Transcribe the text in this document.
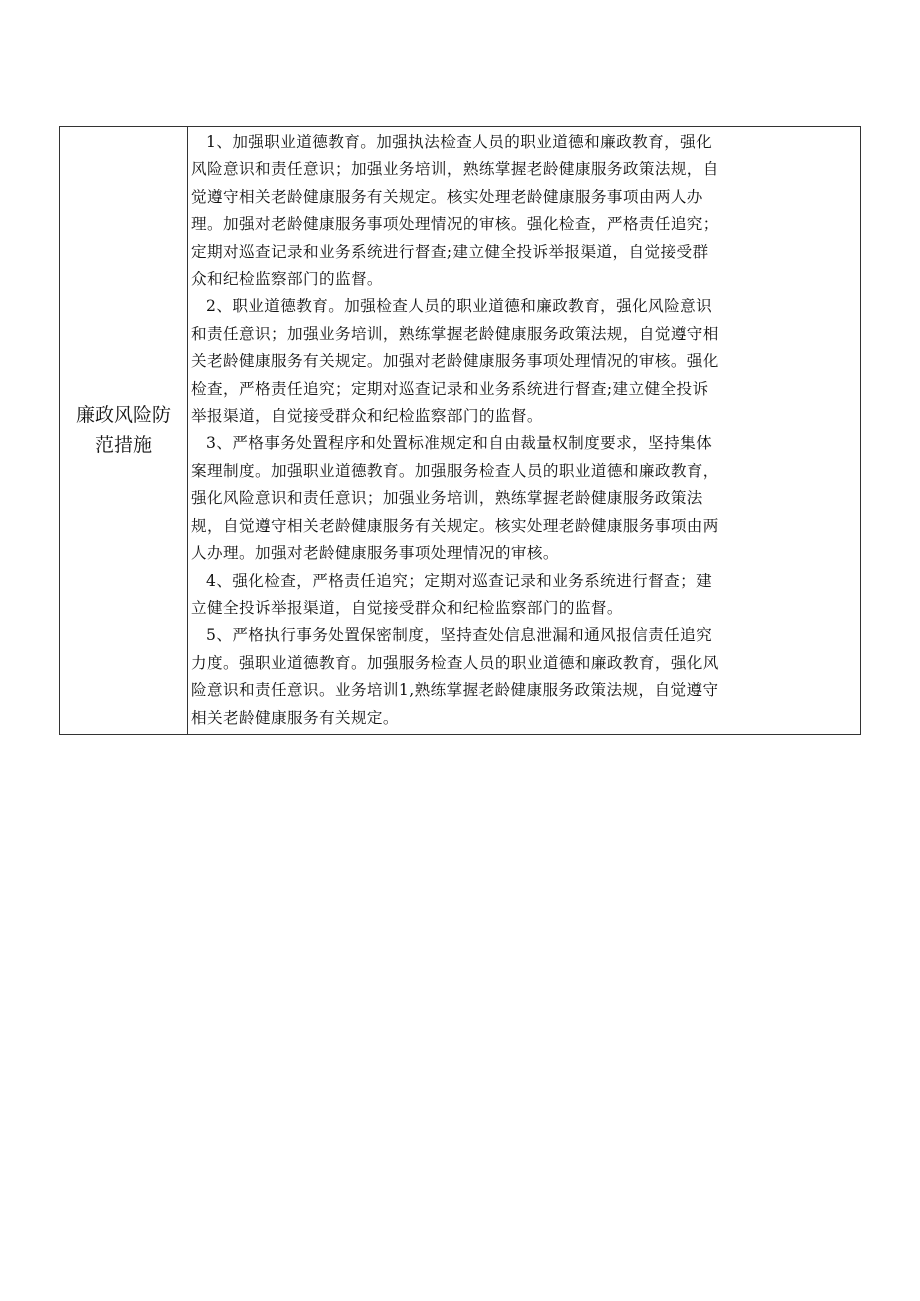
廉政风险防
范措施

1、加强职业道德教育。加强执法检查人员的职业道德和廉政教育，强化
风险意识和责任意识；加强业务培训，熟练掌握老龄健康服务政策法规，自
觉遵守相关老龄健康服务有关规定。核实处理老龄健康服务事项由两人办
理。加强对老龄健康服务事项处理情况的审核。强化检查，严格责任追究；
定期对巡查记录和业务系统进行督查;建立健全投诉举报渠道，自觉接受群
众和纪检监察部门的监督。
2、职业道德教育。加强检查人员的职业道德和廉政教育，强化风险意识
和责任意识；加强业务培训，熟练掌握老龄健康服务政策法规，自觉遵守相
关老龄健康服务有关规定。加强对老龄健康服务事项处理情况的审核。强化
检查，严格责任追究；定期对巡查记录和业务系统进行督查;建立健全投诉
举报渠道，自觉接受群众和纪检监察部门的监督。
3、严格事务处置程序和处置标准规定和自由裁量权制度要求，坚持集体
案理制度。加强职业道德教育。加强服务检查人员的职业道德和廉政教育，
强化风险意识和责任意识；加强业务培训，熟练掌握老龄健康服务政策法
规，自觉遵守相关老龄健康服务有关规定。核实处理老龄健康服务事项由两
人办理。加强对老龄健康服务事项处理情况的审核。
4、强化检查，严格责任追究；定期对巡查记录和业务系统进行督查；建
立健全投诉举报渠道，自觉接受群众和纪检监察部门的监督。
5、严格执行事务处置保密制度，坚持查处信息泄漏和通风报信责任追究
力度。强职业道德教育。加强服务检查人员的职业道德和廉政教育，强化风
险意识和责任意识。业务培训1,熟练掌握老龄健康服务政策法规，自觉遵守
相关老龄健康服务有关规定。
